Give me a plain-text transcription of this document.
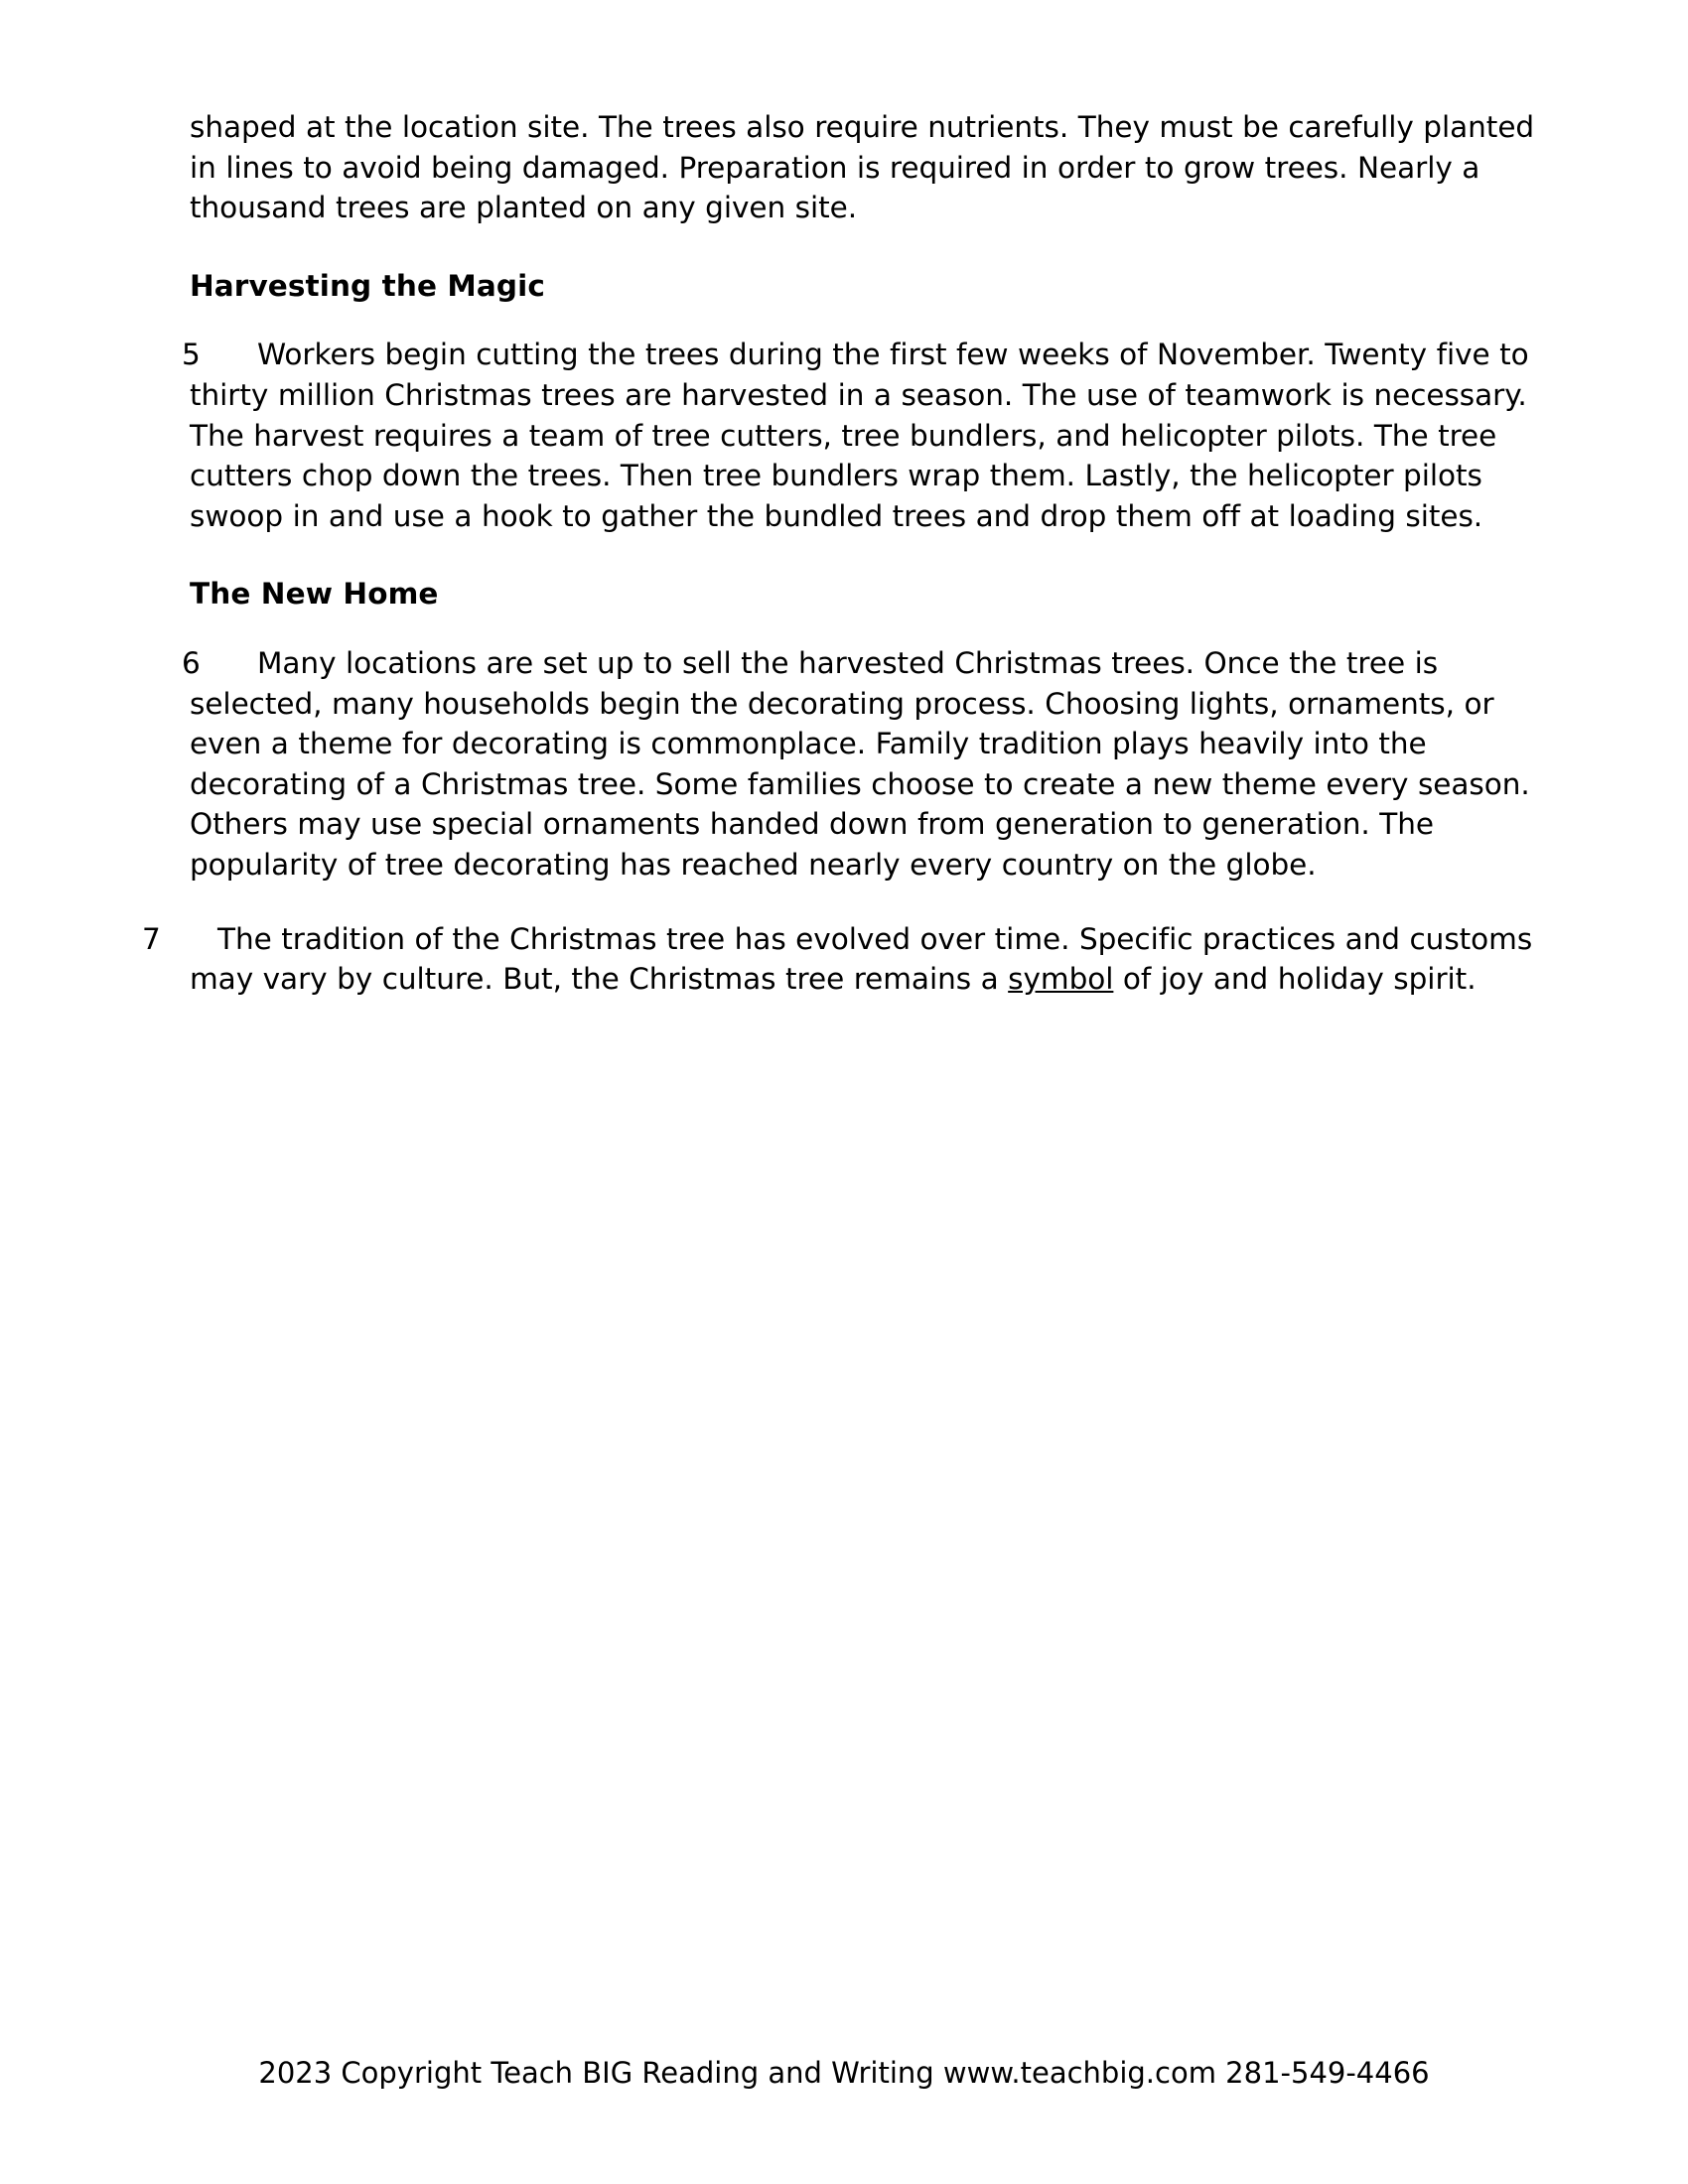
shaped at the location site. The trees also require nutrients. They must be carefully planted in lines to avoid being damaged. Preparation is required in order to grow trees. Nearly a thousand trees are planted on any given site.

Harvesting the Magic

5 Workers begin cutting the trees during the first few weeks of November. Twenty five to thirty million Christmas trees are harvested in a season. The use of teamwork is necessary. The harvest requires a team of tree cutters, tree bundlers, and helicopter pilots. The tree cutters chop down the trees. Then tree bundlers wrap them. Lastly, the helicopter pilots swoop in and use a hook to gather the bundled trees and drop them off at loading sites.

The New Home

6 Many locations are set up to sell the harvested Christmas trees. Once the tree is selected, many households begin the decorating process. Choosing lights, ornaments, or even a theme for decorating is commonplace. Family tradition plays heavily into the decorating of a Christmas tree. Some families choose to create a new theme every season. Others may use special ornaments handed down from generation to generation. The popularity of tree decorating has reached nearly every country on the globe.

7 The tradition of the Christmas tree has evolved over time. Specific practices and customs may vary by culture. But, the Christmas tree remains a symbol of joy and holiday spirit.

2023 Copyright Teach BIG Reading and Writing www.teachbig.com 281-549-4466
